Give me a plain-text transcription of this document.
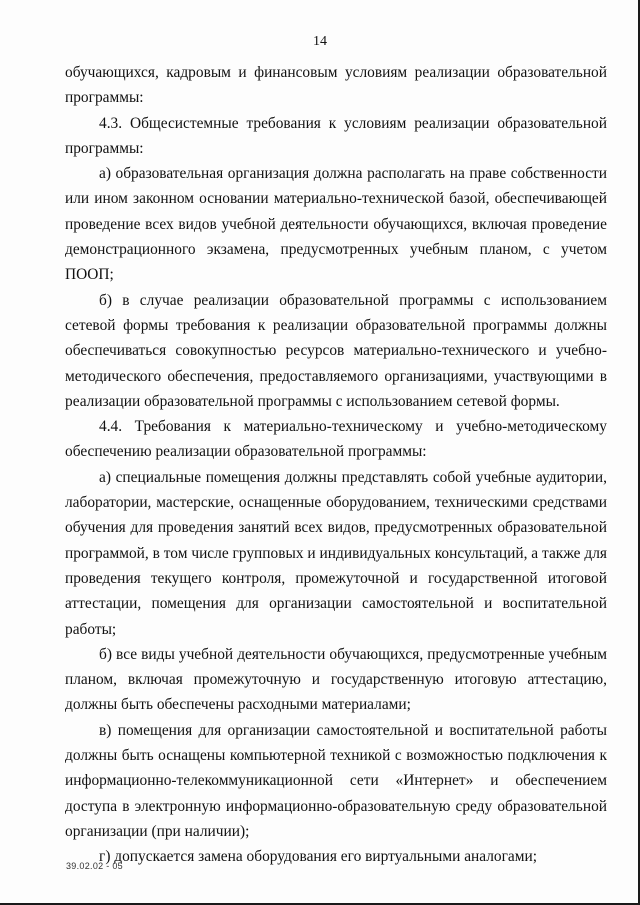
14

обучающихся, кадровым и финансовым условиям реализации образовательной программы:

4.3. Общесистемные требования к условиям реализации образовательной программы:

а) образовательная организация должна располагать на праве собственности или ином законном основании материально-технической базой, обеспечивающей проведение всех видов учебной деятельности обучающихся, включая проведение демонстрационного экзамена, предусмотренных учебным планом, с учетом ПООП;

б) в случае реализации образовательной программы с использованием сетевой формы требования к реализации образовательной программы должны обеспечиваться совокупностью ресурсов материально-технического и учебно-методического обеспечения, предоставляемого организациями, участвующими в реализации образовательной программы с использованием сетевой формы.

4.4. Требования к материально-техническому и учебно-методическому обеспечению реализации образовательной программы:

а) специальные помещения должны представлять собой учебные аудитории, лаборатории, мастерские, оснащенные оборудованием, техническими средствами обучения для проведения занятий всех видов, предусмотренных образовательной программой, в том числе групповых и индивидуальных консультаций, а также для проведения текущего контроля, промежуточной и государственной итоговой аттестации, помещения для организации самостоятельной и воспитательной работы;

б) все виды учебной деятельности обучающихся, предусмотренные учебным планом, включая промежуточную и государственную итоговую аттестацию, должны быть обеспечены расходными материалами;

в) помещения для организации самостоятельной и воспитательной работы должны быть оснащены компьютерной техникой с возможностью подключения к информационно-телекоммуникационной сети «Интернет» и обеспечением доступа в электронную информационно-образовательную среду образовательной организации (при наличии);

г) допускается замена оборудования его виртуальными аналогами;

39.02.02 - 05
